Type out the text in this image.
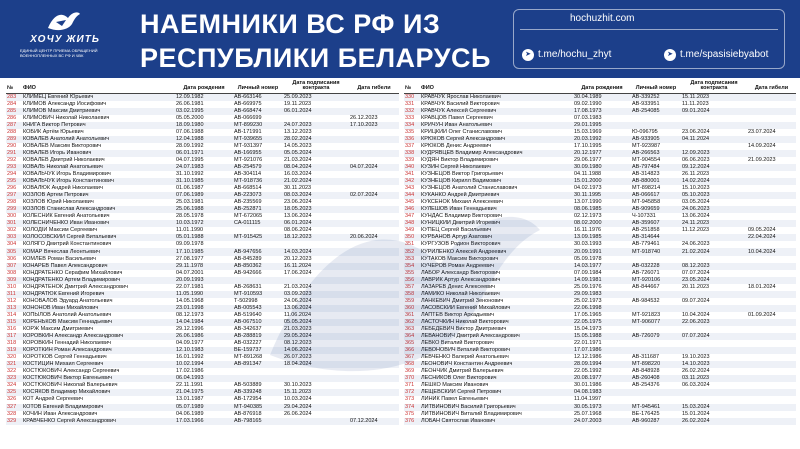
ХОЧУ ЖИТЬ
ЕДИНЫЙ ЦЕНТР ПРИЕМА ОБРАЩЕНИЙ ВОЕННОПЛЕННЫХ ВС РФ И ЧВК
НАЕМНИКИ ВС РФ ИЗ
РЕСПУБЛИКИ БЕЛАРУСЬ
hochuzhit.com
➤ t.me/hochu_zhyt	➤ t.me/spasisiebyabot
№	ФИО	Дата рождения	Личный номер	Дата подписания контракта	Дата гибели
283	КЛИМЕЦ Евгений Юрьевич	12.09.1982	АВ-663146	25.09.2023	
284	КЛИМОВ Александр Иосифович	26.06.1981	АВ-669975	19.11.2023	
285	КЛИМОВ Максим Дмитриевич	03.02.1995	АВ-668474	06.01.2024	
286	КЛИМОВИЧ Николай Николаевич	05.05.2000	АВ-066699		26.12.2023
287	КНИГА Виктор Петрович	18.09.1980	МТ-899230	24.07.2023	17.10.2023
288	КОБИК Артём Юрьевич	07.06.1988	АВ-171991	13.12.2023	
289	КОВАЛЕВ Анатолий Анатольевич	12.04.1988	МТ-939655	28.02.2024	
290	КОВАЛЁВ Максим Викторович	28.09.1992	МТ-931397	14.05.2023	
291	КОВАЛЕВ Игорь Иванович	06.01.1971	АВ-166955	05.05.2024	
292	КОВАЛЁВ Дмитрий Николаевич	04.07.1995	МТ-921076	21.03.2024	
293	КОВАЛЬ Николай Анатольевич	24.07.1983	АВ-254579	08.04.2024	04.07.2024
294	КОВАЛЬЧУК Игорь Владимирович	31.10.1992	АВ-304114	16.03.2024	
295	КОВАЛЬЧУК Игорь Константинович	31.10.1985	МТ-918736	21.02.2024	
296	КОВАЛЮК Андрей Николаевич	01.06.1987	АВ-668514	30.11.2023	
297	КОЗЛОВ Артем Петрович	07.06.1989	АВ-223073	08.03.2024	02.07.2024
298	КОЗЛОВ Юрий Николаевич	25.03.1981	АВ-235569	23.06.2024	
299	КОЗЛОВ Станислав Александрович	25.06.1988	АВ-252871	18.05.2023	
300	КОЛЕСНИК Евгений Анатольевич	28.05.1978	МТ-672065	13.06.2024	
301	КОЛЕСНИЧЕНКО Иван Иванович	10.03.1972	СА-011115	06.01.2024	
302	КОЛОДІЙ Максим Сергеевич	11.01.1990		08.06.2024	
303	КОЛОСОВСКИЙ Сергей Витальевич	05.01.1988	МТ-915425	18.12.2023	20.06.2024
304	КОЛЯГО Дмитрий Константинович	09.09.1978			
305	КОМАР Вячеслав Леонтьевич	17.10.1985	АВ-947656	14.03.2024	
306	КОМЛЕВ Роман Васильевич	27.08.1977	АВ-845289	20.12.2023	
307	КОНАРЕВ Павел Александрович	29.11.1978	АВ-850362	16.11.2024	
308	КОНДРАТЕНКО Серафим Михайлович	04.07.2001	АВ-942666	17.06.2024	
309	КОНДРАТЕНКО Артем Владимирович	20.09.1993			
310	КОНДРАТЕНОК Дмитрий Александрович	22.07.1981	АВ-268631	21.03.2024	
311	КОНДРАТЮК Евгений Игоревич	11.05.1990	МТ-910593	03.09.2023	
312	КОНОВАЛОВ Эдуард Анатольевич	14.05.1968	Т-502998	24.06.2024	
313	КОНОНОВ Иван Михайлович	23.01.1998	АВ-005543	13.06.2024	
314	КОПЫЛОВ Анатолий Анатольевич	08.12.1973	АВ-519640	11.06.2024	
315	КОРЕНЬКОВ Максим Геннадьевич	14.04.1984	АВ-067510	05.05.2024	
316	КОРЖ Максим Дмитриевич	29.12.1996	АВ-342637	21.03.2023	
317	КОРОВКИН Александр Александрович	26.06.1986	АВ-288819	29.05.2024	
318	КОРОВКИН Геннадий Николаевич	04.09.1977	АВ-032227	08.12.2023	
319	КОРОТКИН Роман Александрович	12.10.1983	ВЕ-159737	14.06.2024	
320	КОРОТКОВ Сергей Геннадьевич	16.01.1992	МТ-891268	26.07.2023	
321	КОСТИЦИН Михаил Сергеевич	10.02.1994	АВ-891347	18.04.2024	
322	КОСТЮКОВИЧ Александр Сергеевич	17.02.1986			
323	КОСТЮКОВИЧ Виктор Евгеньевич	06.04.1993			
324	КОСТЮКОВИЧ Николай Валерьевич	22.11.1991	АВ-503889	30.10.2023	
325	КОСЯКОВ Владимир Михайлович	21.04.1975	АВ-339248	15.11.2023	
326	КОТ Андрей Сергеевич	13.01.1987	АВ-172954	10.03.2024	
327	КОТОВ Евгений Владимирович	05.07.1989	МТ-940385	29.04.2024	
328	КОЧИН Иван Александрович	04.06.1989	АВ-876918	26.06.2024	
329	КРАВЧЕНКО Сергей Александрович	17.03.1966	АВ-798165		07.12.2024
№	ФИО	Дата рождения	Личный номер	Дата подписания контракта	Дата гибели
330	КРАВЧУК Ярослав Николаевич	30.04.1989	АВ-339252	15.11.2023	
331	КРАВЧУК Василий Викторович	09.02.1990	АВ-933951	11.11.2023	
332	КРАВЧУК Алексей Сергеевич	17.08.1973	АВ-254085	09.01.2024	
333	КРАВЦОВ Павел Сергеевич	07.03.1983			
334	КРИЧУН Иван Анатольевич	29.01.1995			
335	КРИЦКИЙ Олег Станиславович	15.03.1969	Ю-096795	23.06.2024	23.07.2024
336	КРЮКОВ Сергей Александрович	20.03.1992	АВ-933905	04.11.2024	
337	КРЮКОВ Денис Андреевич	17.10.1995	МТ-923987		14.09.2024
338	КУДРЯВЦЕВ Владимир Александрович	20.12.1977	АВ-266563	12.09.2023	
339	КУДЯН Виктор Владимирович	29.06.1977	МТ-904554	06.06.2023	21.09.2023
340	КУЗИН Сергей Николаевич	30.09.1980	АВ-797484	09.12.2024	
341	КУЗНЕЦОВ Виктор Григорьевич	04.11.1988	АВ-314823	26.11.2023	
342	КУЗНЕЦОВ Кирилл Вадимович	15.01.2000	АВ-880001	14.02.2024	
343	КУЗНЕЦОВ Анатолий Станиславович	04.02.1973	МТ-898214	15.10.2023	
344	КУКАНКО Андрей Дмитриевич	30.11.1995	АВ-066617	05.10.2023	
345	КУКСЕНОК Михаил Алексеевич	13.07.1990	МТ-945858	03.05.2024	
346	КУЛЕШОВ Иван Геннадьевич	08.06.1985	АВ-909659	24.06.2023	
347	КУНДАС Владимир Викторович	02.12.1973	Ч-107331	13.06.2024	
348	КУНИЦКИЙ Дмитрий Игоревич	08.02.2000	АВ-359607	24.11.2023	
349	КУПЕЦ Сергей Васильевич	16.11.1976	АВ-251858	11.12.2023	09.05.2024
350	КУРБАНОВ Артур Азатович	13.09.1985	АВ-314644		22.04.2024
351	КУРГУЗОВ Родион Викторович	30.03.1993	АВ-779461	24.06.2023	
352	КУРИЛЕНКО Алексей Андреевич	20.09.1991	МТ-918740	21.02.2024	10.04.2024
353	КУТАКОВ Максим Викторович	05.09.1978			
354	КУЧЕРОВ Роман Андреевич	14.03.1977	АВ-032228	08.12.2023	
355	ЛАБОР Александр Викторович	07.09.1984	АВ-726071	07.07.2024	
356	ЛАВРИК Артур Александрович	14.09.1981	МТ-920106	23.05.2024	
357	ЛАЗАРЕВ Денис Алексеевич	25.09.1976	АВ-844667	20.11.2023	18.01.2024
358	ЛАМИКО Николай Николаевич	29.09.1983			
359	ЛАНКЕВИЧ Дмитрий Зенонович	25.02.1973	АВ-984532	09.07.2024	
360	ЛАСОВСКИЙ Евгений Михайлович	22.06.1998			
361	ЛАПТЕВ Виктор Аркадьевич	17.05.1965	МТ-921823	10.04.2024	01.09.2024
362	ЛАСТОЧКИН Николай Викторович	22.05.1975	МТ-906077	22.06.2023	
363	ЛЕБЕДЕВИЧ Виктор Дмитриевич	15.04.1973			
364	ЛЕВАНОВИЧ Дмитрий Александрович	15.05.1988	АВ-726079	07.07.2024	
365	ЛЕВКО Виталий Викторович	22.01.1971			
366	ЛЕВОНОВИЧ Виталий Викторович	17.07.1986			
367	ЛЕВЧЕНКО Валерий Анатольевич	12.12.1986	АВ-311687	19.10.2023	
368	ЛЕОНОВИЧ Константин Андреевич	28.09.1994	МТ-898220	14.10.2023	
369	ЛЕОНЧИК Дмитрий Валерьевич	22.05.1992	АВ-848928	26.02.2024	
370	ЛЕСНИКОВ Олег Викторович	20.08.1977	АВ-260408	03.11.2023	
371	ЛЕШКО Максим Иванович	30.01.1986	АВ-254376	06.03.2024	
372	ЛЕЩЕВСКИЙ Сергей Петрович	04.08.1983			
373	ЛИНИК Павел Евгеньевич	11.04.1997			
374	ЛИТВИНОВИЧ Василий Григорьевич	30.05.1973	МТ-945461	15.03.2024	
375	ЛИТВИНОВИЧ Виталий Владимирович	25.07.1968	ВЕ-176425	15.01.2024	
376	ЛОБАН Святослав Иванович	24.07.2003	АВ-960287	26.02.2024	
